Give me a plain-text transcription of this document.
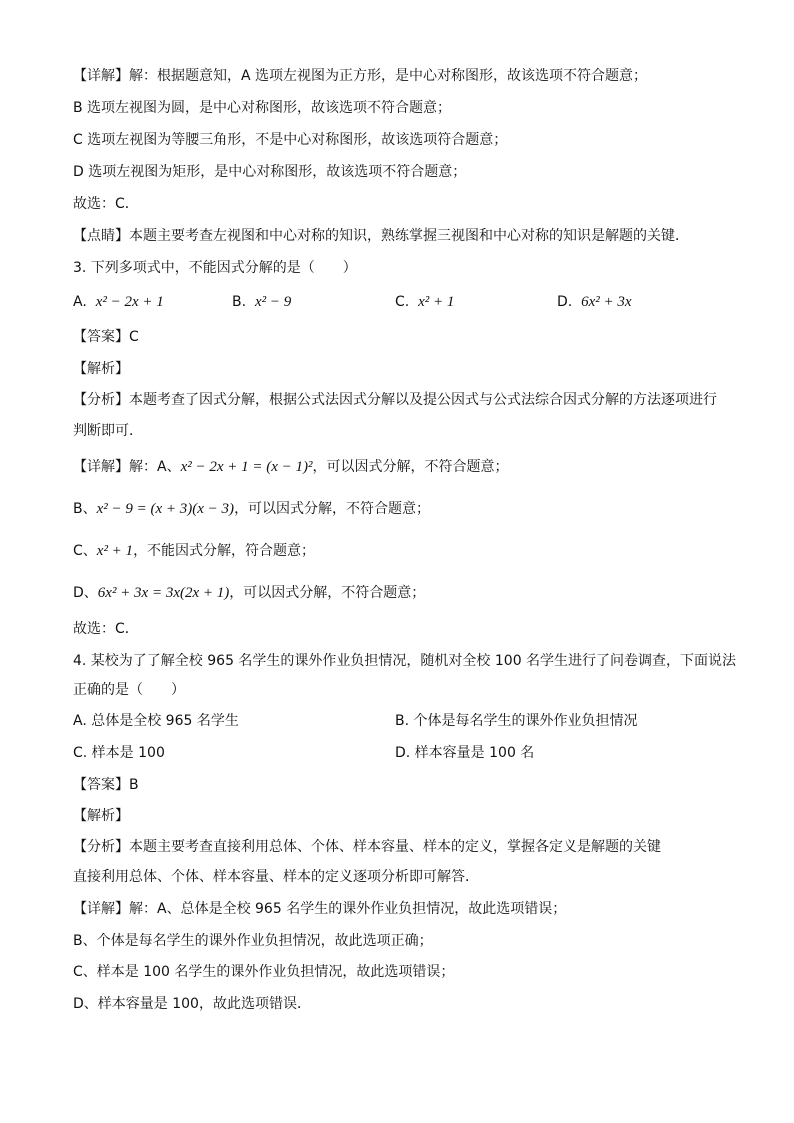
【详解】解：根据题意知，A 选项左视图为正方形，是中心对称图形，故该选项不符合题意；
B 选项左视图为圆，是中心对称图形，故该选项不符合题意；
C 选项左视图为等腰三角形，不是中心对称图形，故该选项符合题意；
D 选项左视图为矩形，是中心对称图形，故该选项不符合题意；
故选：C．
【点睛】本题主要考查左视图和中心对称的知识，熟练掌握三视图和中心对称的知识是解题的关键．
3. 下列多项式中，不能因式分解的是（　　）
A. x² − 2x + 1	B. x² − 9	C. x² + 1	D. 6x² + 3x
【答案】C
【解析】
【分析】本题考查了因式分解，根据公式法因式分解以及提公因式与公式法综合因式分解的方法逐项进行
判断即可．
【详解】解：A、x² − 2x + 1 = (x − 1)²，可以因式分解，不符合题意；
B、x² − 9 = (x + 3)(x − 3)，可以因式分解，不符合题意；
C、x² + 1，不能因式分解，符合题意；
D、6x² + 3x = 3x(2x + 1)，可以因式分解，不符合题意；
故选：C．
4. 某校为了了解全校 965 名学生的课外作业负担情况，随机对全校 100 名学生进行了问卷调查，下面说法
正确的是（　　）
A. 总体是全校 965 名学生	B. 个体是每名学生的课外作业负担情况
C. 样本是 100	D. 样本容量是 100 名
【答案】B
【解析】
【分析】本题主要考查直接利用总体、个体、样本容量、样本的定义，掌握各定义是解题的关键
直接利用总体、个体、样本容量、样本的定义逐项分析即可解答．
【详解】解：A、总体是全校 965 名学生的课外作业负担情况，故此选项错误；
B、个体是每名学生的课外作业负担情况，故此选项正确；
C、样本是 100 名学生的课外作业负担情况，故此选项错误；
D、样本容量是 100，故此选项错误．
